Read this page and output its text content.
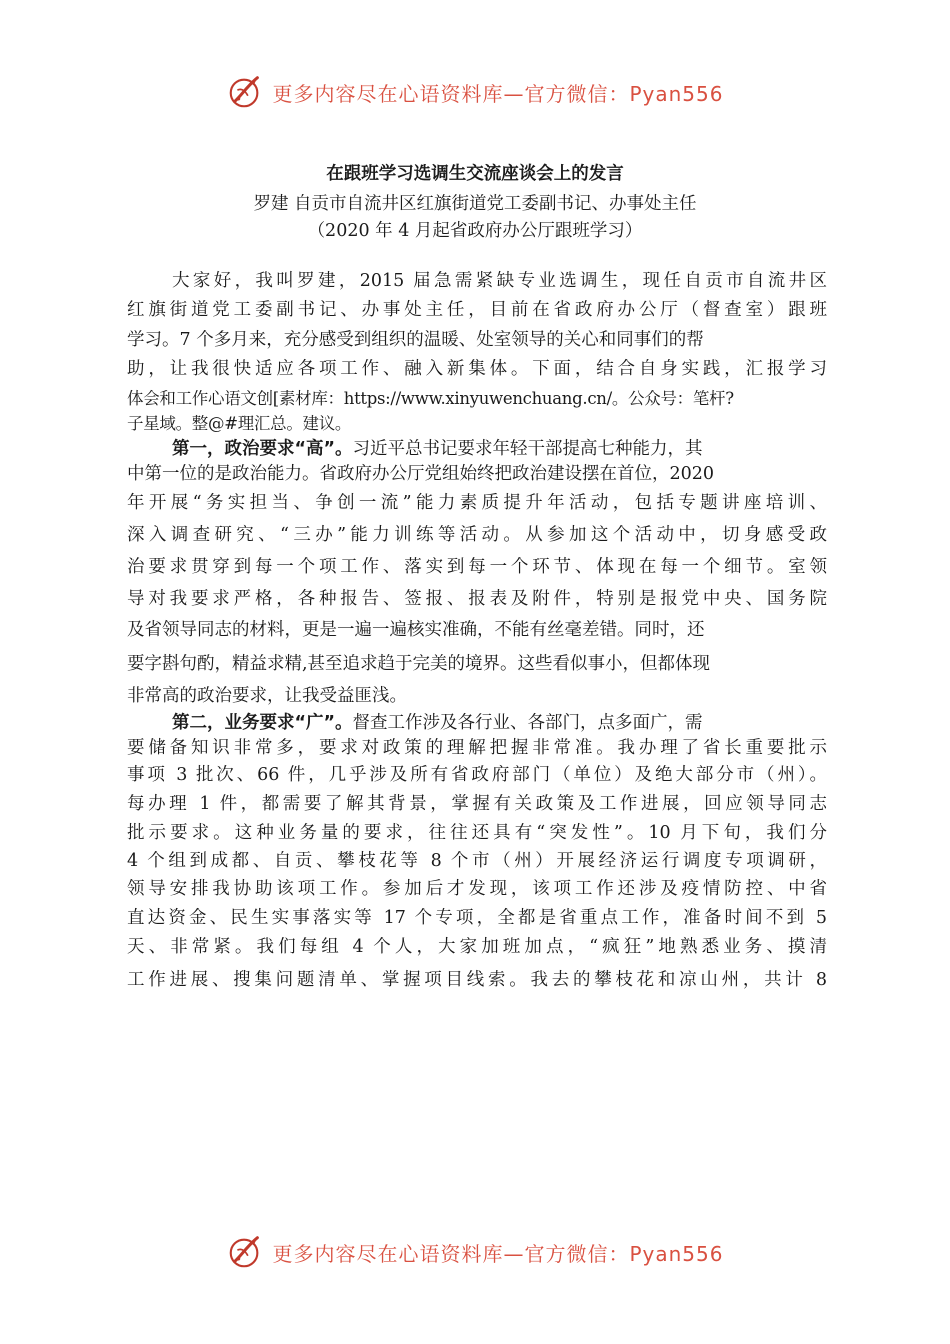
更多内容尽在心语资料库—官方微信：Pyan556
在跟班学习选调生交流座谈会上的发言
罗建 自贡市自流井区红旗街道党工委副书记、办事处主任
（2020 年 4 月起省政府办公厅跟班学习）
大家好，我叫罗建，2015 届急需紧缺专业选调生，现任自贡市自流井区
红旗街道党工委副书记、办事处主任，目前在省政府办公厅（督查室）跟班
学习。7 个多月来，充分感受到组织的温暖、处室领导的关心和同事们的帮
助，让我很快适应各项工作、融入新集体。下面，结合自身实践，汇报学习
体会和工作心语文创[素材库：https://www.xinyuwenchuang.cn/。公众号：笔杆?
子星域。整@#理汇总。建议。
第一，政治要求“高”。习近平总书记要求年轻干部提高七种能力，其
中第一位的是政治能力。省政府办公厅党组始终把政治建设摆在首位，2020
年开展“务实担当、争创一流”能力素质提升年活动，包括专题讲座培训、
深入调查研究、“三办”能力训练等活动。从参加这个活动中，切身感受政
治要求贯穿到每一个项工作、落实到每一个环节、体现在每一个细节。室领
导对我要求严格，各种报告、签报、报表及附件，特别是报党中央、国务院
及省领导同志的材料，更是一遍一遍核实准确，不能有丝毫差错。同时，还
要字斟句酌，精益求精,甚至追求趋于完美的境界。这些看似事小，但都体现
非常高的政治要求，让我受益匪浅。
第二，业务要求“广”。督查工作涉及各行业、各部门，点多面广，需
要储备知识非常多，要求对政策的理解把握非常准。我办理了省长重要批示
事项 3 批次、66 件，几乎涉及所有省政府部门（单位）及绝大部分市（州）。
每办理 1 件，都需要了解其背景，掌握有关政策及工作进展，回应领导同志
批示要求。这种业务量的要求，往往还具有“突发性”。10 月下旬，我们分
4 个组到成都、自贡、攀枝花等 8 个市（州）开展经济运行调度专项调研，
领导安排我协助该项工作。参加后才发现，该项工作还涉及疫情防控、中省
直达资金、民生实事落实等 17 个专项，全都是省重点工作，准备时间不到 5
天、非常紧。我们每组 4 个人，大家加班加点，“疯狂”地熟悉业务、摸清
工作进展、搜集问题清单、掌握项目线索。我去的攀枝花和凉山州，共计 8
更多内容尽在心语资料库—官方微信：Pyan556
